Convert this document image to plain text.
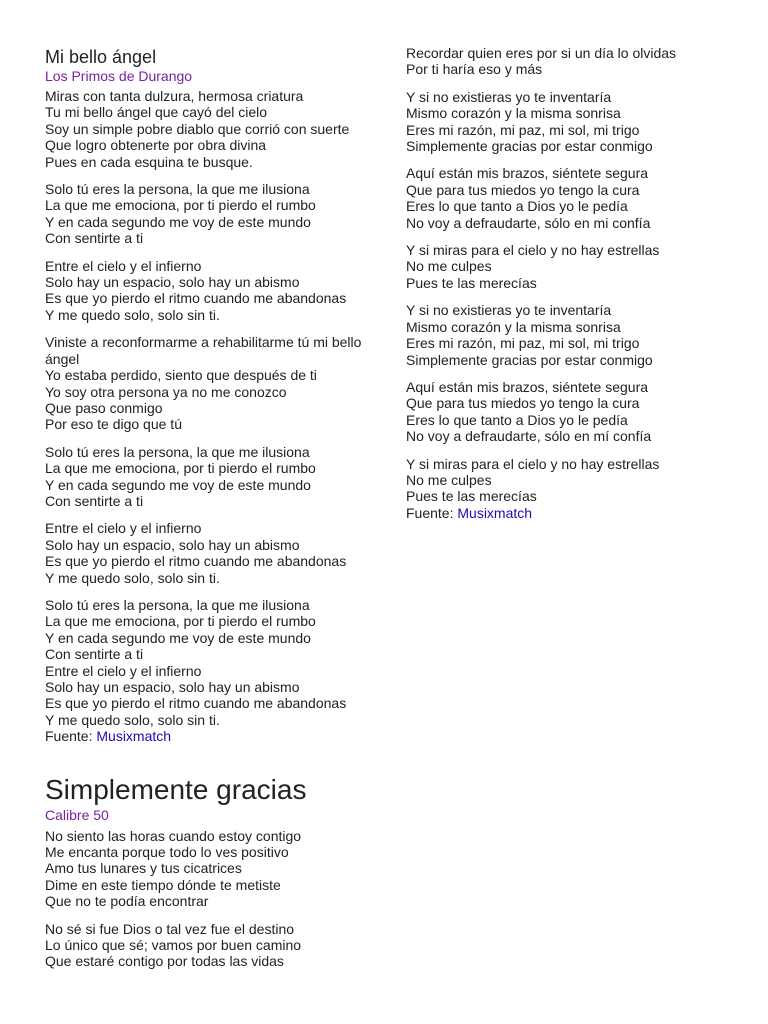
Mi bello ángel
Los Primos de Durango
Miras con tanta dulzura, hermosa criatura
Tu mi bello ángel que cayó del cielo
Soy un simple pobre diablo que corrió con suerte
Que logro obtenerte por obra divina
Pues en cada esquina te busque.
Solo tú eres la persona, la que me ilusiona
La que me emociona, por ti pierdo el rumbo
Y en cada segundo me voy de este mundo
Con sentirte a ti
Entre el cielo y el infierno
Solo hay un espacio, solo hay un abismo
Es que yo pierdo el ritmo cuando me abandonas
Y me quedo solo, solo sin ti.
Viniste a reconformarme a rehabilitarme tú mi bello
ángel
Yo estaba perdido, siento que después de ti
Yo soy otra persona ya no me conozco
Que paso conmigo
Por eso te digo que tú
Solo tú eres la persona, la que me ilusiona
La que me emociona, por ti pierdo el rumbo
Y en cada segundo me voy de este mundo
Con sentirte a ti
Entre el cielo y el infierno
Solo hay un espacio, solo hay un abismo
Es que yo pierdo el ritmo cuando me abandonas
Y me quedo solo, solo sin ti.
Solo tú eres la persona, la que me ilusiona
La que me emociona, por ti pierdo el rumbo
Y en cada segundo me voy de este mundo
Con sentirte a ti
Entre el cielo y el infierno
Solo hay un espacio, solo hay un abismo
Es que yo pierdo el ritmo cuando me abandonas
Y me quedo solo, solo sin ti.
Fuente: Musixmatch
Simplemente gracias
Calibre 50
No siento las horas cuando estoy contigo
Me encanta porque todo lo ves positivo
Amo tus lunares y tus cicatrices
Dime en este tiempo dónde te metiste
Que no te podía encontrar
No sé si fue Dios o tal vez fue el destino
Lo único que sé; vamos por buen camino
Que estaré contigo por todas las vidas
Recordar quien eres por si un día lo olvidas
Por ti haría eso y más
Y si no existieras yo te inventaría
Mismo corazón y la misma sonrisa
Eres mi razón, mi paz, mi sol, mi trigo
Simplemente gracias por estar conmigo
Aquí están mis brazos, siéntete segura
Que para tus miedos yo tengo la cura
Eres lo que tanto a Dios yo le pedía
No voy a defraudarte, sólo en mi confía
Y si miras para el cielo y no hay estrellas
No me culpes
Pues te las merecías
Y si no existieras yo te inventaría
Mismo corazón y la misma sonrisa
Eres mi razón, mi paz, mi sol, mi trigo
Simplemente gracias por estar conmigo
Aquí están mis brazos, siéntete segura
Que para tus miedos yo tengo la cura
Eres lo que tanto a Dios yo le pedía
No voy a defraudarte, sólo en mí confía
Y si miras para el cielo y no hay estrellas
No me culpes
Pues te las merecías
Fuente: Musixmatch
